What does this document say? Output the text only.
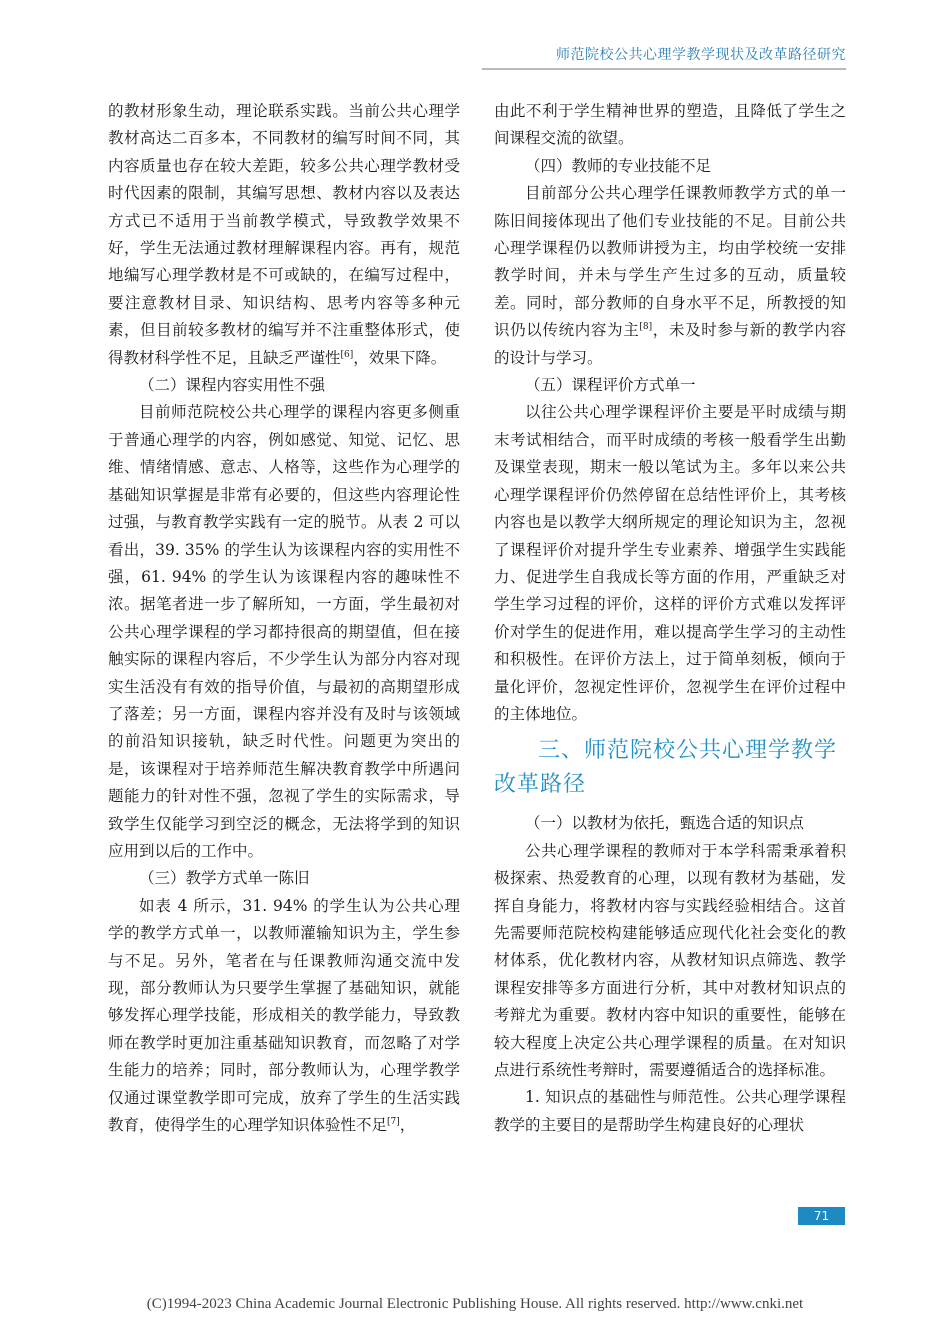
师范院校公共心理学教学现状及改革路径研究

的教材形象生动，理论联系实践。当前公共心理学教材高达二百多本，不同教材的编写时间不同，其内容质量也存在较大差距，较多公共心理学教材受时代因素的限制，其编写思想、教材内容以及表达方式已不适用于当前教学模式，导致教学效果不好，学生无法通过教材理解课程内容。再有，规范地编写心理学教材是不可或缺的，在编写过程中，要注意教材目录、知识结构、思考内容等多种元素，但目前较多教材的编写并不注重整体形式，使得教材科学性不足，且缺乏严谨性[6]，效果下降。

（二）课程内容实用性不强

目前师范院校公共心理学的课程内容更多侧重于普通心理学的内容，例如感觉、知觉、记忆、思维、情绪情感、意志、人格等，这些作为心理学的基础知识掌握是非常有必要的，但这些内容理论性过强，与教育教学实践有一定的脱节。从表 2 可以看出，39. 35% 的学生认为该课程内容的实用性不强，61. 94% 的学生认为该课程内容的趣味性不浓。据笔者进一步了解所知，一方面，学生最初对公共心理学课程的学习都持很高的期望值，但在接触实际的课程内容后，不少学生认为部分内容对现实生活没有有效的指导价值，与最初的高期望形成了落差；另一方面，课程内容并没有及时与该领域的前沿知识接轨，缺乏时代性。问题更为突出的是，该课程对于培养师范生解决教育教学中所遇问题能力的针对性不强，忽视了学生的实际需求，导致学生仅能学习到空泛的概念，无法将学到的知识应用到以后的工作中。

（三）教学方式单一陈旧

如表 4 所示，31. 94% 的学生认为公共心理学的教学方式单一，以教师灌输知识为主，学生参与不足。另外，笔者在与任课教师沟通交流中发现，部分教师认为只要学生掌握了基础知识，就能够发挥心理学技能，形成相关的教学能力，导致教师在教学时更加注重基础知识教育，而忽略了对学生能力的培养；同时，部分教师认为，心理学教学仅通过课堂教学即可完成，放弃了学生的生活实践教育，使得学生的心理学知识体验性不足[7]，

由此不利于学生精神世界的塑造，且降低了学生之间课程交流的欲望。

（四）教师的专业技能不足

目前部分公共心理学任课教师教学方式的单一陈旧间接体现出了他们专业技能的不足。目前公共心理学课程仍以教师讲授为主，均由学校统一安排教学时间，并未与学生产生过多的互动，质量较差。同时，部分教师的自身水平不足，所教授的知识仍以传统内容为主[8]，未及时参与新的教学内容的设计与学习。

（五）课程评价方式单一

以往公共心理学课程评价主要是平时成绩与期末考试相结合，而平时成绩的考核一般看学生出勤及课堂表现，期末一般以笔试为主。多年以来公共心理学课程评价仍然停留在总结性评价上，其考核内容也是以教学大纲所规定的理论知识为主，忽视了课程评价对提升学生专业素养、增强学生实践能力、促进学生自我成长等方面的作用，严重缺乏对学生学习过程的评价，这样的评价方式难以发挥评价对学生的促进作用，难以提高学生学习的主动性和积极性。在评价方法上，过于简单刻板，倾向于量化评价，忽视定性评价，忽视学生在评价过程中的主体地位。

三、师范院校公共心理学教学改革路径

（一）以教材为依托，甄选合适的知识点

公共心理学课程的教师对于本学科需秉承着积极探索、热爱教育的心理，以现有教材为基础，发挥自身能力，将教材内容与实践经验相结合。这首先需要师范院校构建能够适应现代化社会变化的教材体系，优化教材内容，从教材知识点筛选、教学课程安排等多方面进行分析，其中对教材知识点的考辩尤为重要。教材内容中知识的重要性，能够在较大程度上决定公共心理学课程的质量。在对知识点进行系统性考辩时，需要遵循适合的选择标准。

1. 知识点的基础性与师范性。公共心理学课程教学的主要目的是帮助学生构建良好的心理状

71
(C)1994-2023 China Academic Journal Electronic Publishing House. All rights reserved. http://www.cnki.net
